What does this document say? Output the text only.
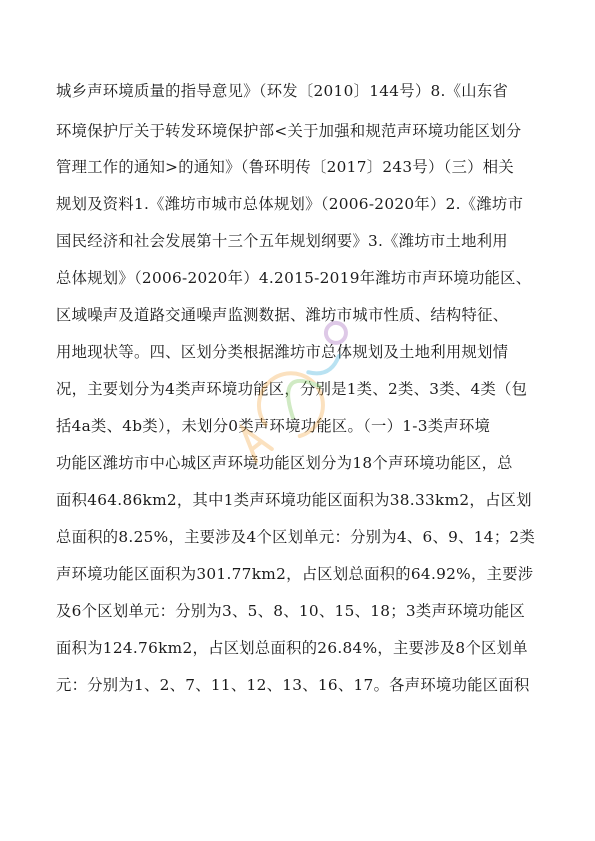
城乡声环境质量的指导意见》（环发〔2010〕144号）8.《山东省
环境保护厅关于转发环境保护部<关于加强和规范声环境功能区划分
管理工作的通知>的通知》（鲁环明传〔2017〕243号）（三）相关
规划及资料1.《潍坊市城市总体规划》（2006-2020年）2.《潍坊市
国民经济和社会发展第十三个五年规划纲要》3.《潍坊市土地利用
总体规划》（2006-2020年）4.2015-2019年潍坊市声环境功能区、
区域噪声及道路交通噪声监测数据、潍坊市城市性质、结构特征、
用地现状等。四、区划分类根据潍坊市总体规划及土地利用规划情
况，主要划分为4类声环境功能区，分别是1类、2类、3类、4类（包
括4a类、4b类），未划分0类声环境功能区。（一）1-3类声环境
功能区潍坊市中心城区声环境功能区划分为18个声环境功能区，总
面积464.86km2，其中1类声环境功能区面积为38.33km2，占区划
总面积的8.25%，主要涉及4个区划单元：分别为4、6、9、14；2类
声环境功能区面积为301.77km2，占区划总面积的64.92%，主要涉
及6个区划单元：分别为3、5、8、10、15、18；3类声环境功能区
面积为124.76km2，占区划总面积的26.84%，主要涉及8个区划单
元：分别为1、2、7、11、12、13、16、17。各声环境功能区面积
